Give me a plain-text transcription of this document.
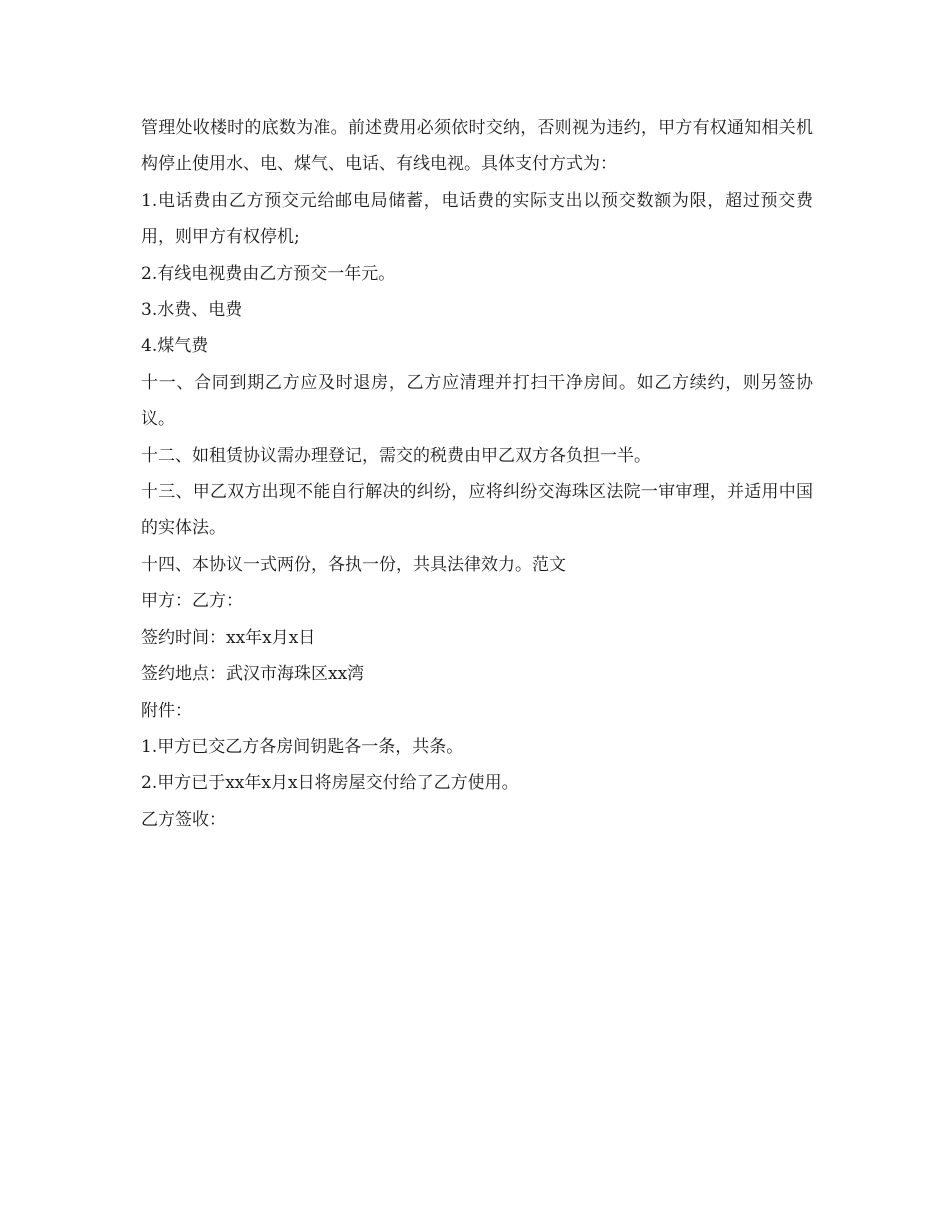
管理处收楼时的底数为准。前述费用必须依时交纳，否则视为违约，甲方有权通知相关机构停止使用水、电、煤气、电话、有线电视。具体支付方式为：

1.电话费由乙方预交元给邮电局储蓄，电话费的实际支出以预交数额为限，超过预交费用，则甲方有权停机;

2.有线电视费由乙方预交一年元。

3.水费、电费

4.煤气费

十一、合同到期乙方应及时退房，乙方应清理并打扫干净房间。如乙方续约，则另签协议。

十二、如租赁协议需办理登记，需交的税费由甲乙双方各负担一半。

十三、甲乙双方出现不能自行解决的纠纷，应将纠纷交海珠区法院一审审理，并适用中国的实体法。

十四、本协议一式两份，各执一份，共具法律效力。范文

甲方：乙方：

签约时间：xx年x月x日

签约地点：武汉市海珠区xx湾

附件：

1.甲方已交乙方各房间钥匙各一条，共条。

2.甲方已于xx年x月x日将房屋交付给了乙方使用。

乙方签收：
